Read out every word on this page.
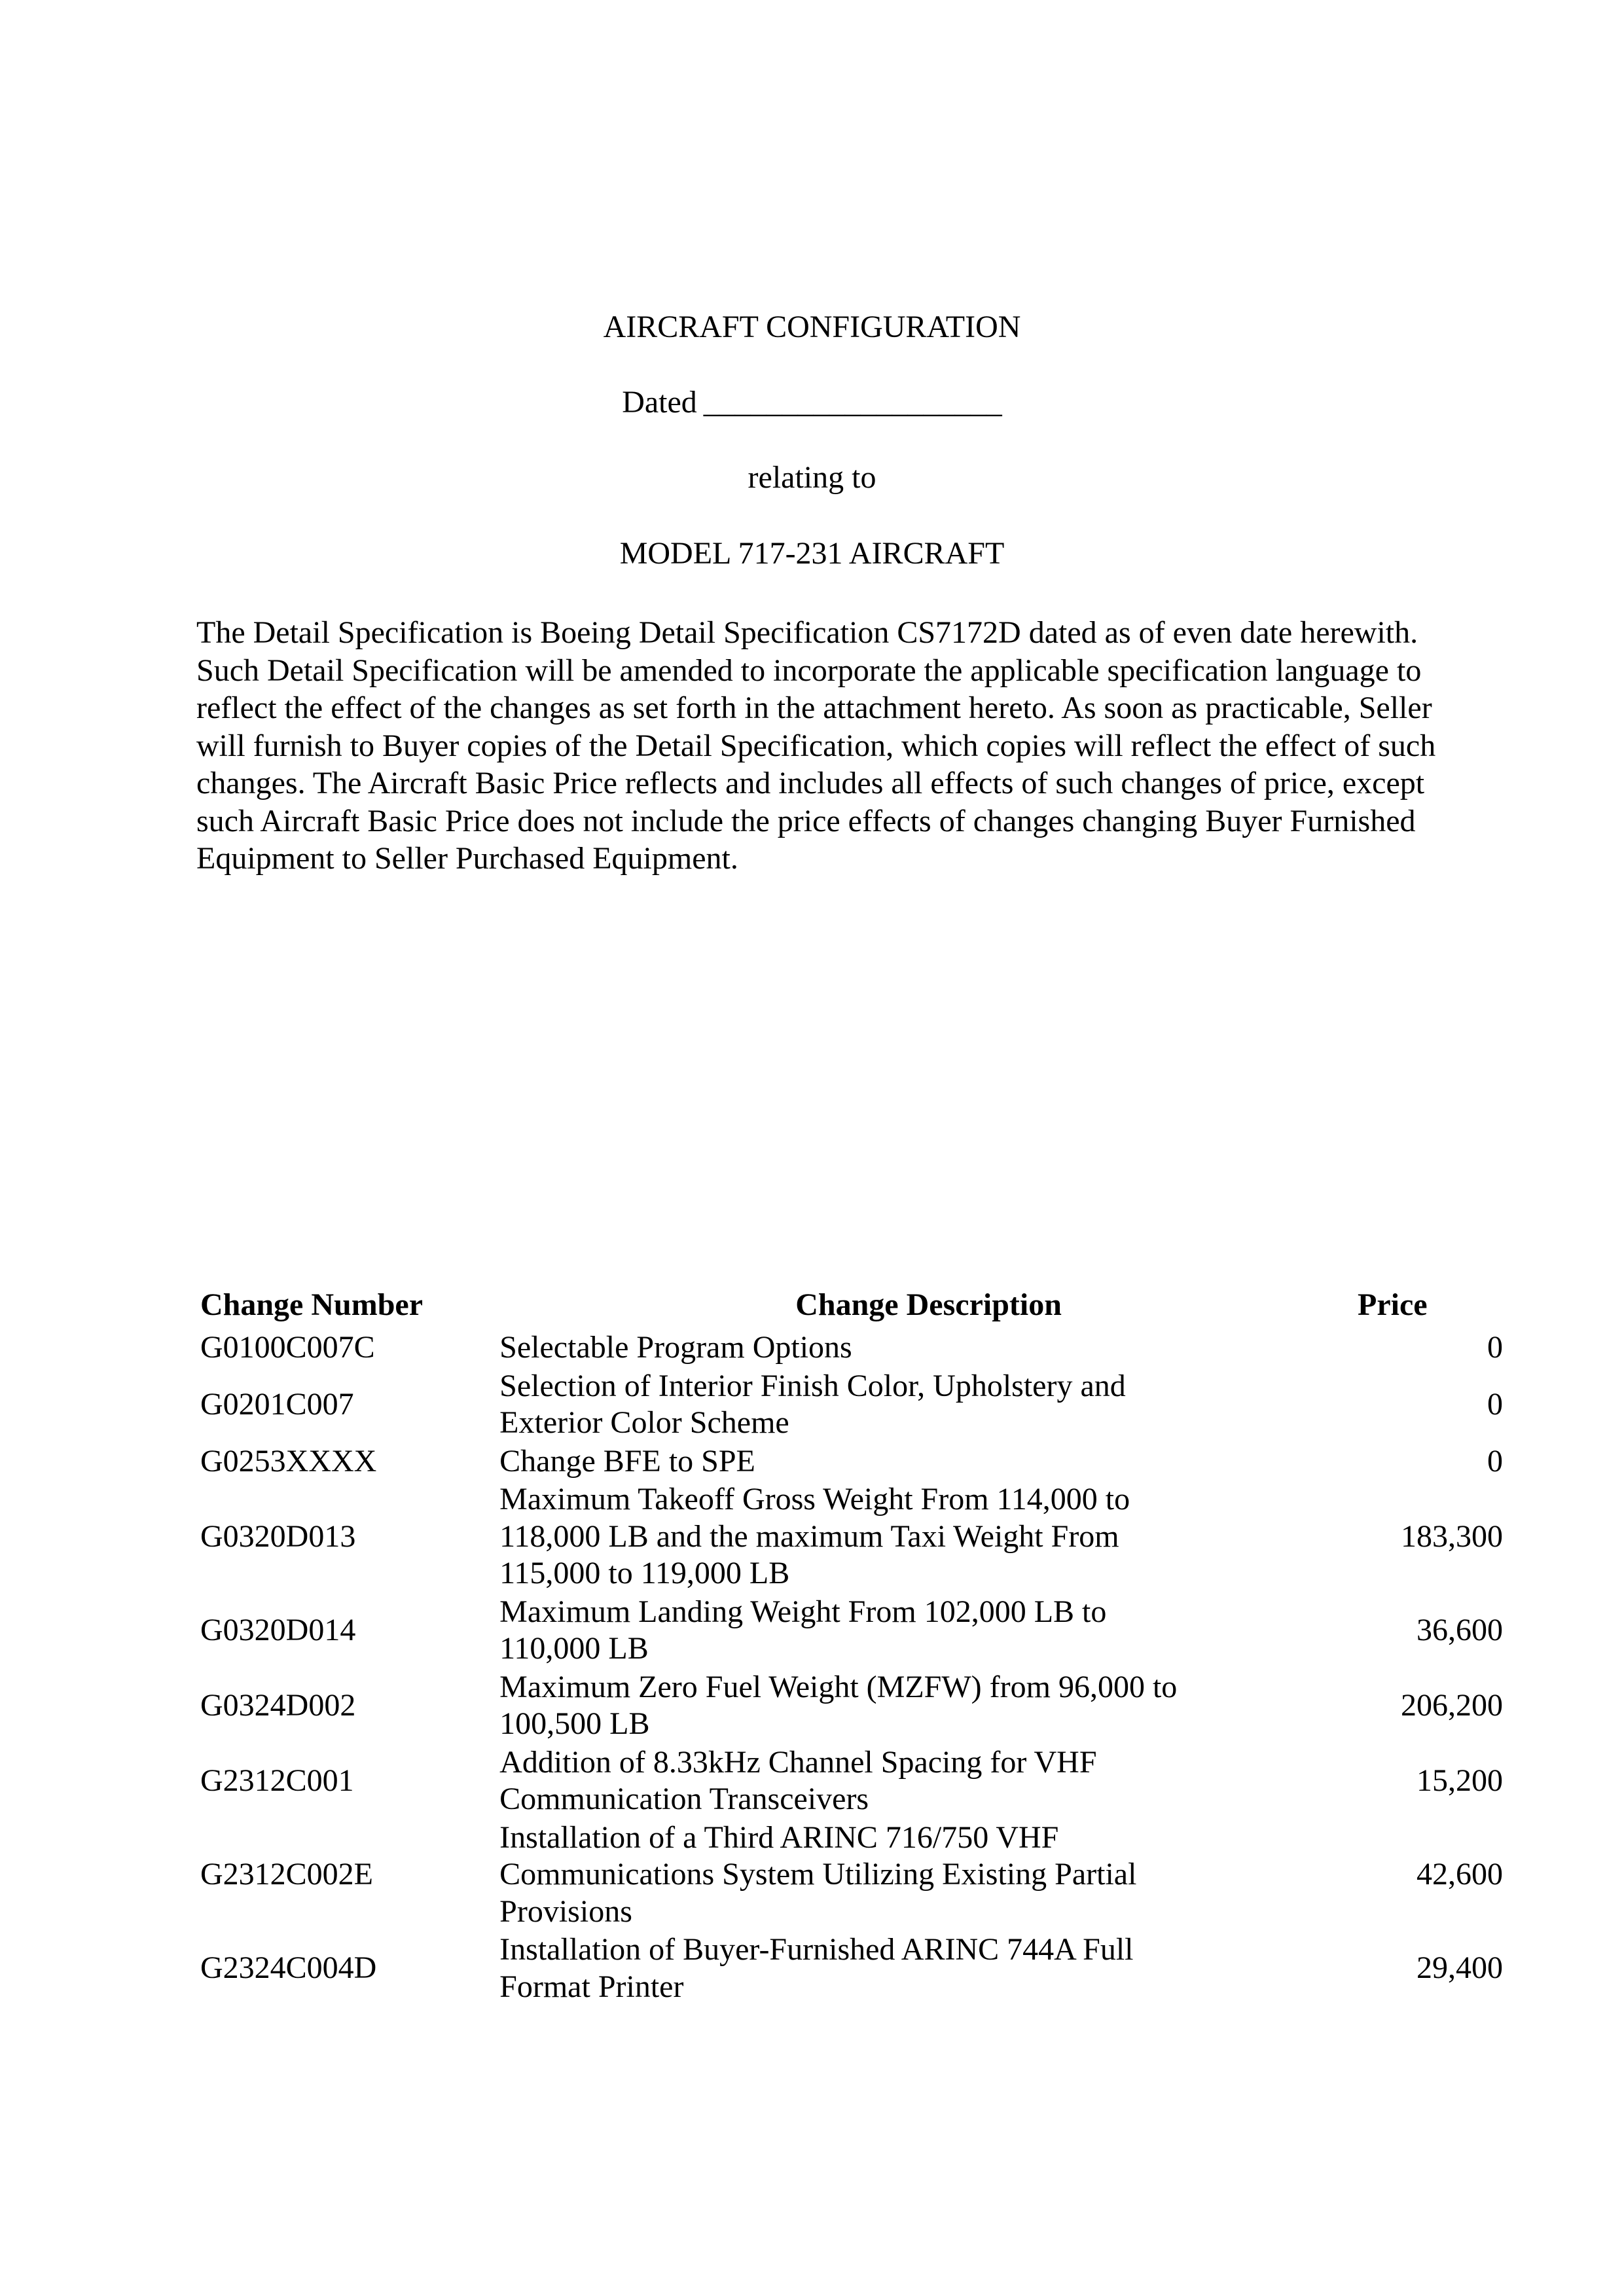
AIRCRAFT CONFIGURATION
Dated ___________________
relating to
MODEL 717-231 AIRCRAFT

The Detail Specification is Boeing Detail Specification CS7172D dated as of even date herewith. Such Detail Specification will be amended to incorporate the applicable specification language to reflect the effect of the changes as set forth in the attachment hereto. As soon as practicable, Seller will furnish to Buyer copies of the Detail Specification, which copies will reflect the effect of such changes. The Aircraft Basic Price reflects and includes all effects of such changes of price, except such Aircraft Basic Price does not include the price effects of changes changing Buyer Furnished Equipment to Seller Purchased Equipment.

Change Number	Change Description	Price
G0100C007C	Selectable Program Options	0
G0201C007	Selection of Interior Finish Color, Upholstery and Exterior Color Scheme	0
G0253XXXX	Change BFE to SPE	0
G0320D013	Maximum Takeoff Gross Weight From 114,000 to 118,000 LB and the maximum Taxi Weight From 115,000 to 119,000 LB	183,300
G0320D014	Maximum Landing Weight From 102,000 LB to 110,000 LB	36,600
G0324D002	Maximum Zero Fuel Weight (MZFW) from 96,000 to 100,500 LB	206,200
G2312C001	Addition of 8.33kHz Channel Spacing for VHF Communication Transceivers	15,200
G2312C002E	Installation of a Third ARINC 716/750 VHF Communications System Utilizing Existing Partial Provisions	42,600
G2324C004D	Installation of Buyer-Furnished ARINC 744A Full Format Printer	29,400
